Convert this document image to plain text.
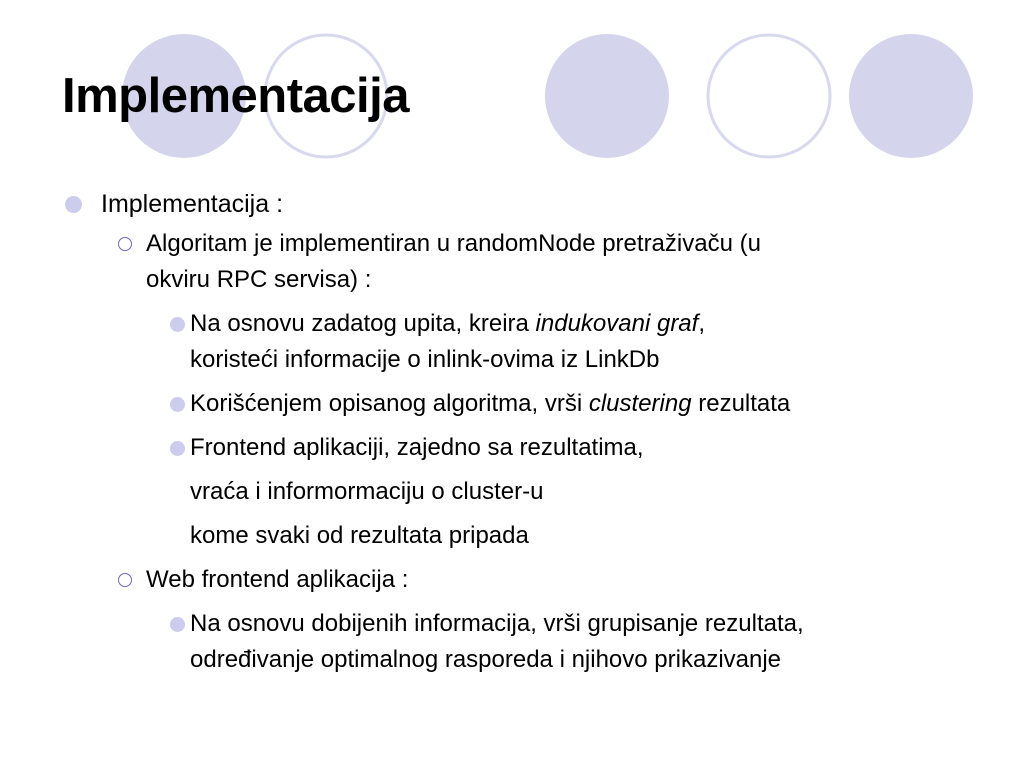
Implementacija
Implementacija :
Algoritam je implementiran u randomNode pretraživaču (u
okviru RPC servisa) :
Na osnovu zadatog upita, kreira indukovani graf,
koristeći informacije o inlink-ovima iz LinkDb
Korišćenjem opisanog algoritma, vrši clustering rezultata
Frontend aplikaciji, zajedno sa rezultatima,
vraća i informormaciju o cluster-u
kome svaki od rezultata pripada
Web frontend aplikacija :
Na osnovu dobijenih informacija, vrši grupisanje rezultata,
određivanje optimalnog rasporeda i njihovo prikazivanje
